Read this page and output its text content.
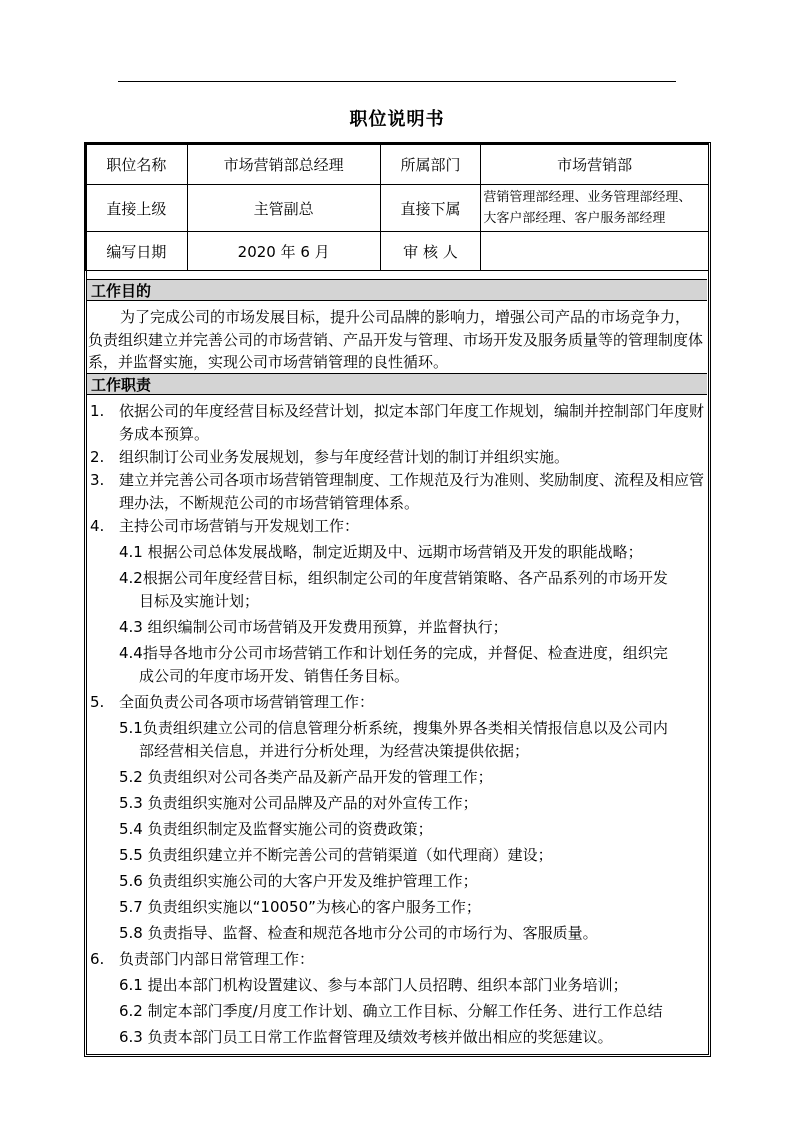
职位说明书
职位名称	市场营销部总经理	所属部门	市场营销部
直接上级	主管副总	直接下属	营销管理部经理、业务管理部经理、
大客户部经理、客户服务部经理

编写日期	2020 年 6 月	审 核 人	
工作目的
为了完成公司的市场发展目标，提升公司品牌的影响力，增强公司产品的市场竞争力，负责组织建立并完善公司的市场营销、产品开发与管理、市场开发及服务质量等的管理制度体系，并监督实施，实现公司市场营销管理的良性循环。
工作职责
1. 依据公司的年度经营目标及经营计划，拟定本部门年度工作规划，编制并控制部门年度财务成本预算。
2. 组织制订公司业务发展规划，参与年度经营计划的制订并组织实施。
3. 建立并完善公司各项市场营销管理制度、工作规范及行为准则、奖励制度、流程及相应管理办法，不断规范公司的市场营销管理体系。
4. 主持公司市场营销与开发规划工作：
4.1 根据公司总体发展战略，制定近期及中、远期市场营销及开发的职能战略；
4.2根据公司年度经营目标，组织制定公司的年度营销策略、各产品系列的市场开发
目标及实施计划；
4.3 组织编制公司市场营销及开发费用预算，并监督执行；
4.4指导各地市分公司市场营销工作和计划任务的完成，并督促、检查进度，组织完
成公司的年度市场开发、销售任务目标。
5. 全面负责公司各项市场营销管理工作：
5.1负责组织建立公司的信息管理分析系统，搜集外界各类相关情报信息以及公司内
部经营相关信息，并进行分析处理，为经营决策提供依据；
5.2 负责组织对公司各类产品及新产品开发的管理工作；
5.3 负责组织实施对公司品牌及产品的对外宣传工作；
5.4 负责组织制定及监督实施公司的资费政策；
5.5 负责组织建立并不断完善公司的营销渠道（如代理商）建设；
5.6 负责组织实施公司的大客户开发及维护管理工作；
5.7 负责组织实施以“10050”为核心的客户服务工作；
5.8 负责指导、监督、检查和规范各地市分公司的市场行为、客服质量。
6. 负责部门内部日常管理工作：
6.1 提出本部门机构设置建议、参与本部门人员招聘、组织本部门业务培训；
6.2 制定本部门季度/月度工作计划、确立工作目标、分解工作任务、进行工作总结
6.3 负责本部门员工日常工作监督管理及绩效考核并做出相应的奖惩建议。
